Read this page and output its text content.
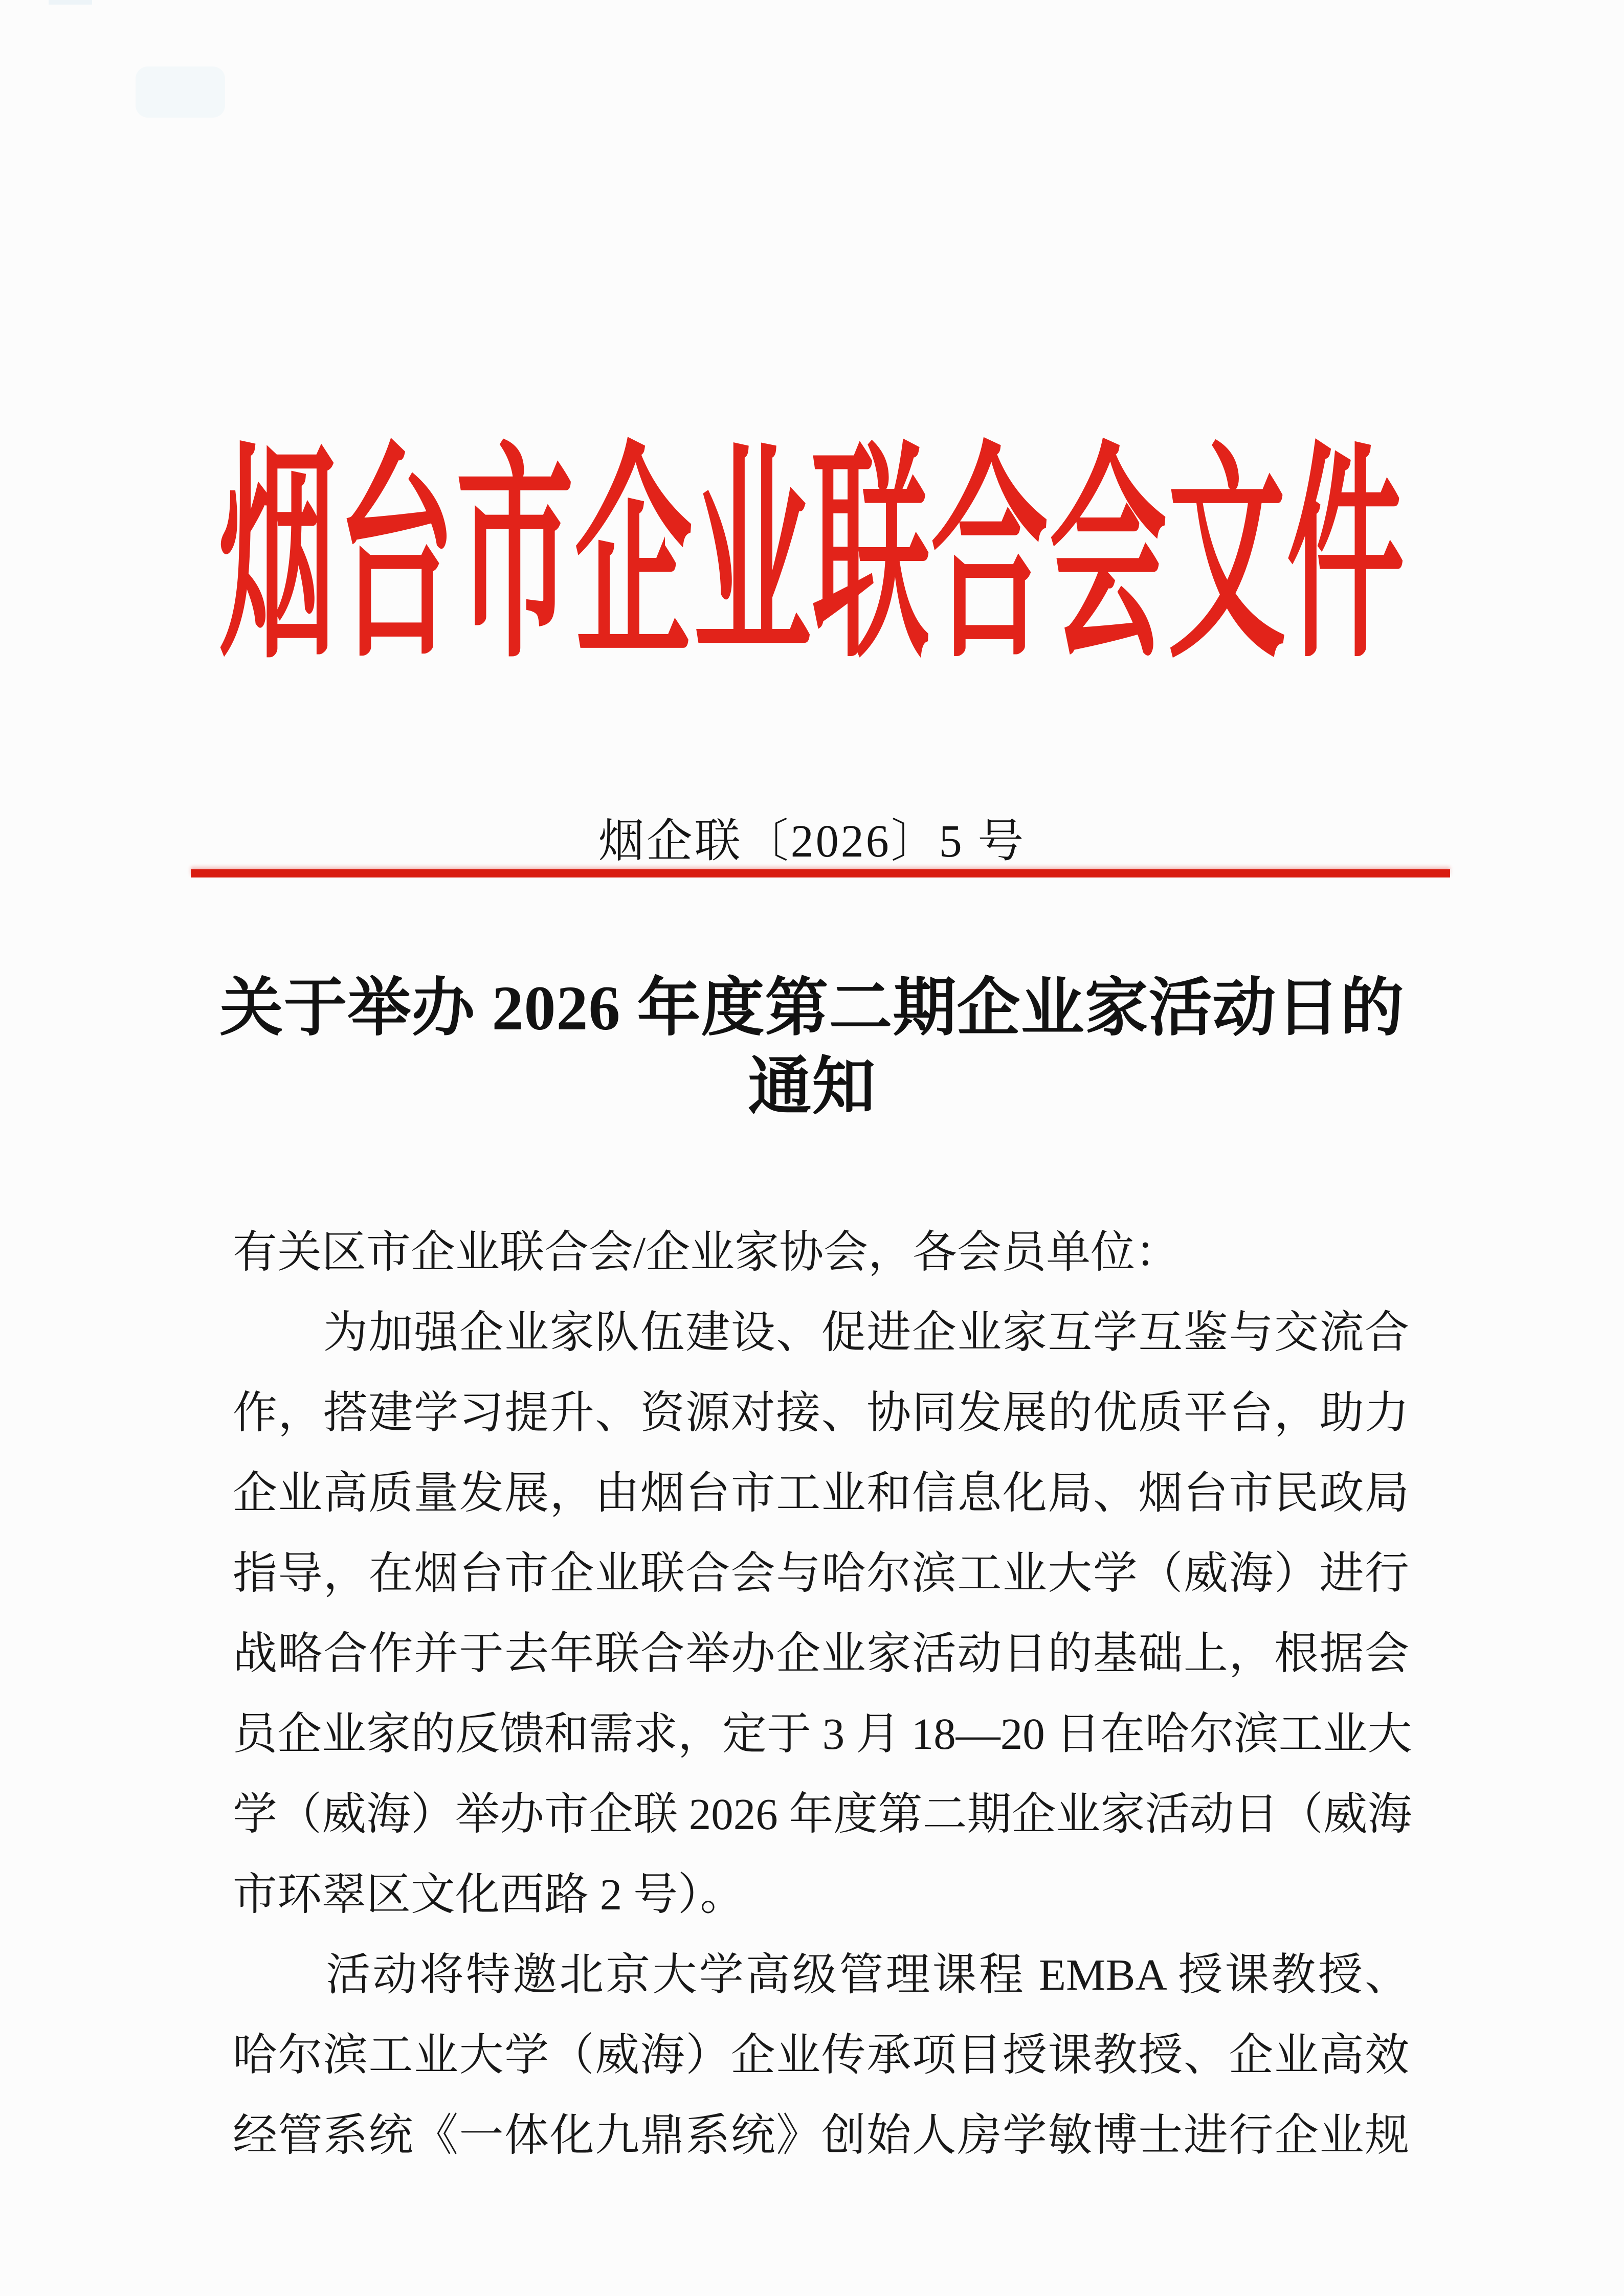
烟台市企业联合会文件
烟企联〔2026〕5 号
关于举办 2026 年度第二期企业家活动日的
通知
有关区市企业联合会/企业家协会，各会员单位：
　　为加强企业家队伍建设、促进企业家互学互鉴与交流合
作，搭建学习提升、资源对接、协同发展的优质平台，助力
企业高质量发展，由烟台市工业和信息化局、烟台市民政局
指导，在烟台市企业联合会与哈尔滨工业大学（威海）进行
战略合作并于去年联合举办企业家活动日的基础上，根据会
员企业家的反馈和需求，定于 3 月 18—20 日在哈尔滨工业大
学（威海）举办市企联 2026 年度第二期企业家活动日（威海
市环翠区文化西路 2 号）。
　　活动将特邀北京大学高级管理课程 EMBA 授课教授、
哈尔滨工业大学（威海）企业传承项目授课教授、企业高效
经管系统《一体化九鼎系统》创始人房学敏博士进行企业规
